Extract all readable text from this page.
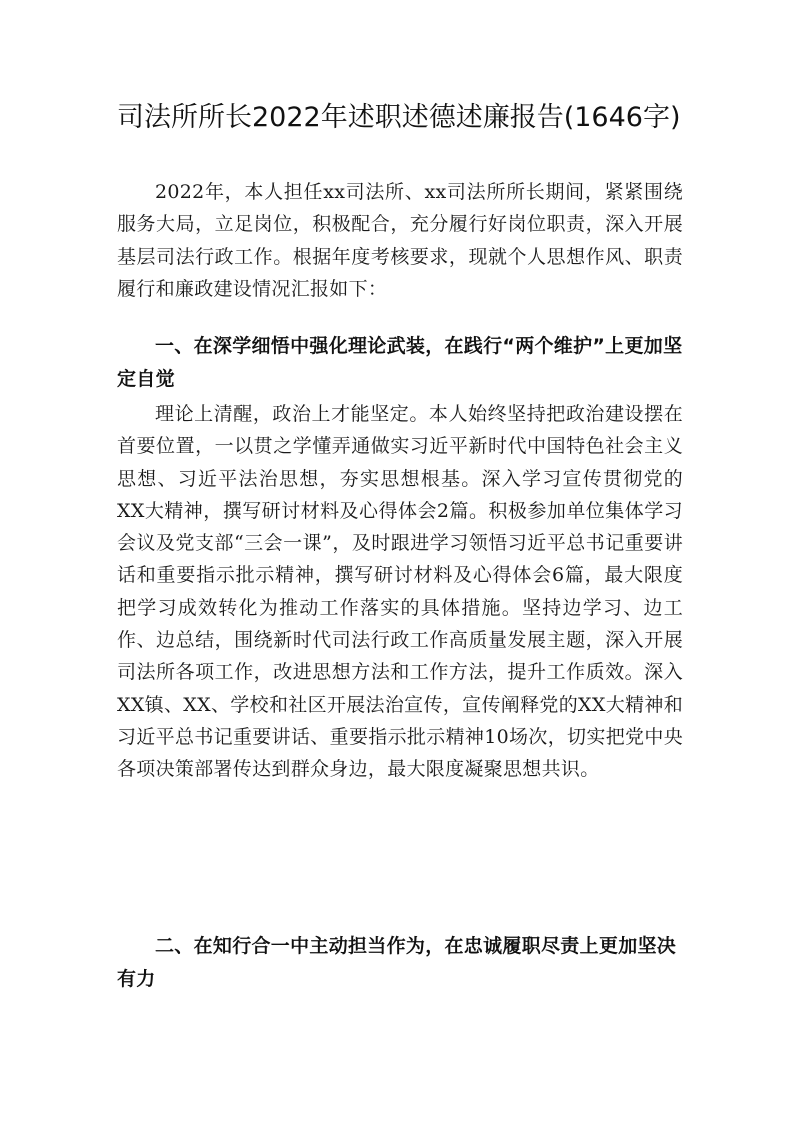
司法所所长2022年述职述德述廉报告(1646字)

2022年，本人担任xx司法所、xx司法所所长期间，紧紧围绕服务大局，立足岗位，积极配合，充分履行好岗位职责，深入开展基层司法行政工作。根据年度考核要求，现就个人思想作风、职责履行和廉政建设情况汇报如下：

一、在深学细悟中强化理论武装，在践行“两个维护”上更加坚定自觉

理论上清醒，政治上才能坚定。本人始终坚持把政治建设摆在首要位置，一以贯之学懂弄通做实习近平新时代中国特色社会主义思想、习近平法治思想，夯实思想根基。深入学习宣传贯彻党的XX大精神，撰写研讨材料及心得体会2篇。积极参加单位集体学习会议及党支部“三会一课”，及时跟进学习领悟习近平总书记重要讲话和重要指示批示精神，撰写研讨材料及心得体会6篇，最大限度把学习成效转化为推动工作落实的具体措施。坚持边学习、边工作、边总结，围绕新时代司法行政工作高质量发展主题，深入开展司法所各项工作，改进思想方法和工作方法，提升工作质效。深入XX镇、XX、学校和社区开展法治宣传，宣传阐释党的XX大精神和习近平总书记重要讲话、重要指示批示精神10场次，切实把党中央各项决策部署传达到群众身边，最大限度凝聚思想共识。

二、在知行合一中主动担当作为，在忠诚履职尽责上更加坚决有力
